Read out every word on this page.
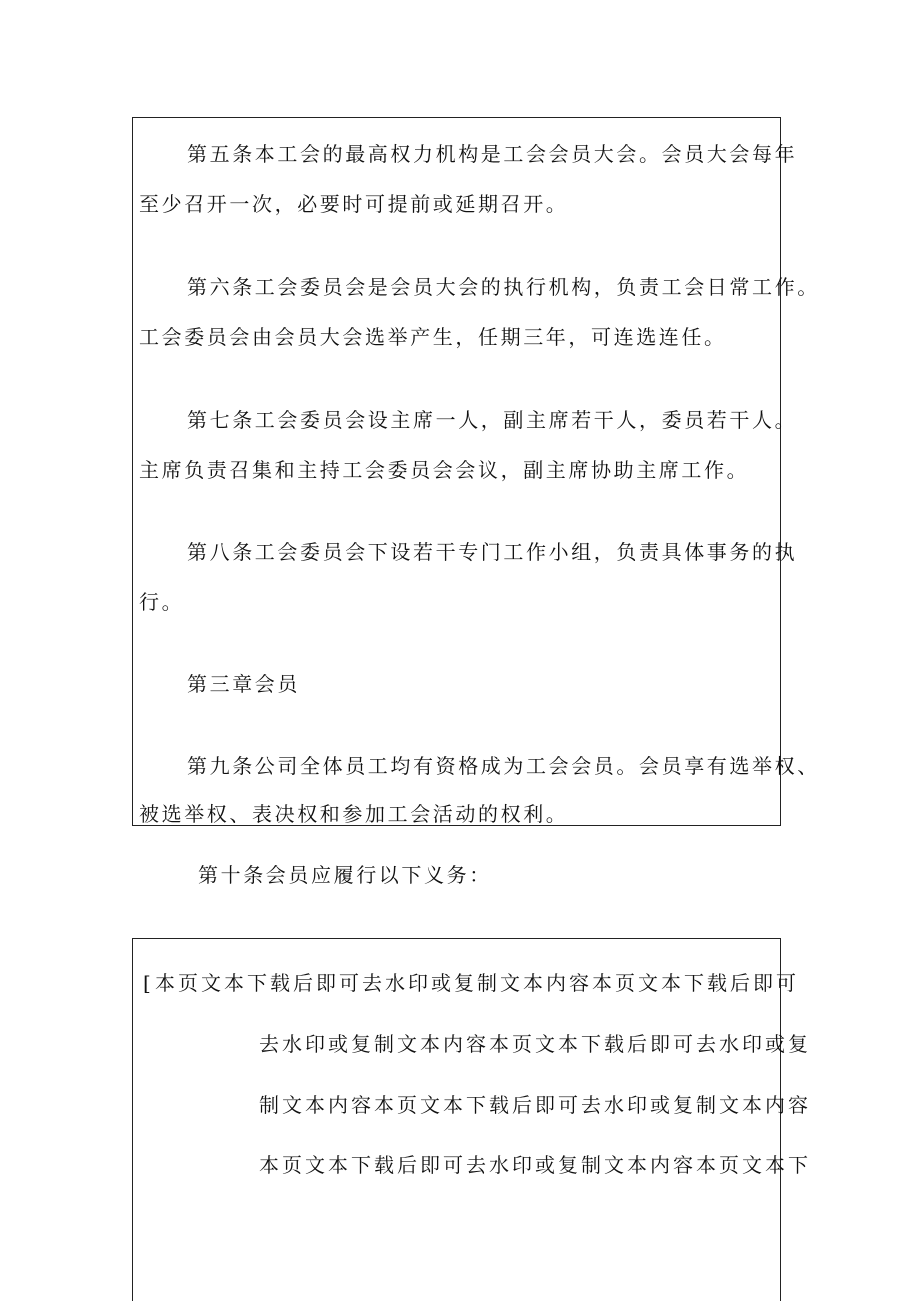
第五条本工会的最高权力机构是工会会员大会。会员大会每年
至少召开一次，必要时可提前或延期召开。
第六条工会委员会是会员大会的执行机构，负责工会日常工作。
工会委员会由会员大会选举产生，任期三年，可连选连任。
第七条工会委员会设主席一人，副主席若干人，委员若干人。
主席负责召集和主持工会委员会会议，副主席协助主席工作。
第八条工会委员会下设若干专门工作小组，负责具体事务的执
行。
第三章会员
第九条公司全体员工均有资格成为工会会员。会员享有选举权、
被选举权、表决权和参加工会活动的权利。
第十条会员应履行以下义务：
[ 本页文本下载后即可去水印或复制文本内容本页文本下载后即可
去水印或复制文本内容本页文本下载后即可去水印或复
制文本内容本页文本下载后即可去水印或复制文本内容
本页文本下载后即可去水印或复制文本内容本页文本下
